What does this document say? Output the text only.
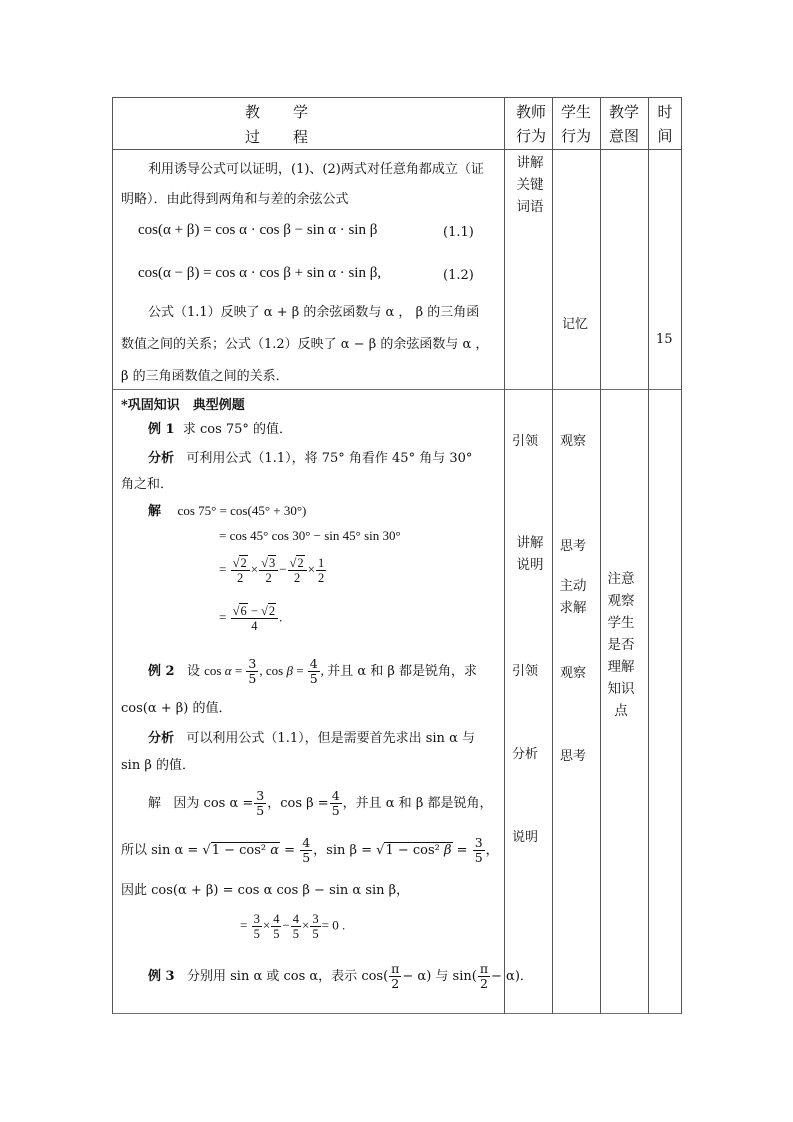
教　　学
过　　程
教师行为
学生行为
教学意图
时间
利用诱导公式可以证明，(1)、(2)两式对任意角都成立（证
明略）．由此得到两角和与差的余弦公式
cos(α + β) = cos α · cos β − sin α · sin β	(1.1)
cos(α − β) = cos α · cos β + sin α · sin β,	(1.2)
公式（1.1）反映了 α + β 的余弦函数与 α ， β 的三角函
数值之间的关系；公式（1.2）反映了 α − β 的余弦函数与 α ，
β 的三角函数值之间的关系．
讲解关键词语
记忆
15
*巩固知识　典型例题
例 1 求 cos 75° 的值．
分析 可利用公式（1.1），将 75° 角看作 45° 角与 30°
角之和．
解 cos 75° = cos(45° + 30°)
= cos 45° cos 30° − sin 45° sin 30°
= $\frac{√2}{2} \times \frac{√3}{2} - \frac{√2}{2} \times \frac{1}{2}$
= $\frac{√6 - √2}{4}$ .
例 2 设 $\cos \alpha = \frac{3}{5}$ , $\cos \beta = \frac{4}{5}$ , 并且 α 和 β 都是锐角，求
cos(α + β) 的值．
分析 可以利用公式（1.1），但是需要首先求出 sin α 与
sin β 的值．
解 因为 $\cos \alpha = \frac{3}{5}$ ，$\cos \beta = \frac{4}{5}$ ，并且 α 和 β 都是锐角，
所以 sin α = √1 − cos² $\alpha = \frac{4}{5}$ ，sin β = √1 − cos² $\beta = \frac{3}{5}$ ，
因此 cos(α + β) = cos α cos β − sin α sin β，
= $\frac{3}{5} \times \frac{4}{5} - \frac{4}{5} \times \frac{3}{5} = 0$ .
例 3 分别用 sin α 或 cos α，表示 $\cos( \frac{\pi}{2} - \alpha)$ 与 $\sin( \frac{\pi}{2} - \alpha)$．
引领
讲解说明
引领
分析
说明
观察
思考
主动求解
观察
思考
注意观察学生是否理解知识点
